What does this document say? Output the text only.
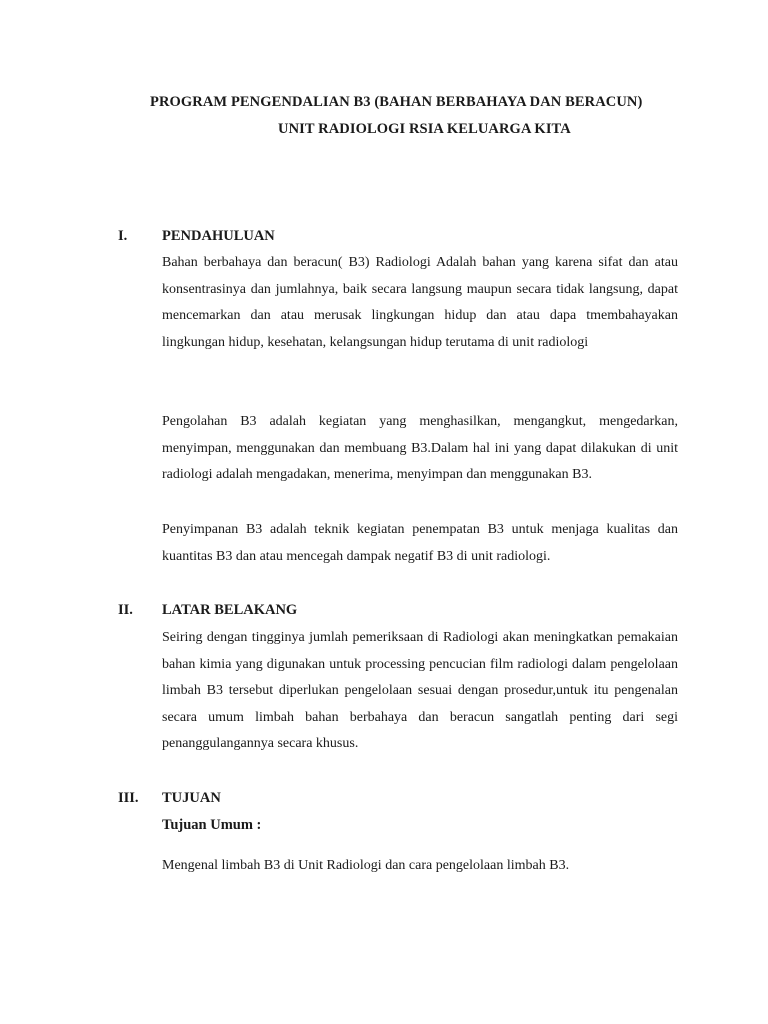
PROGRAM PENGENDALIAN B3 (BAHAN BERBAHAYA DAN BERACUN)
UNIT RADIOLOGI RSIA KELUARGA KITA
I. PENDAHULUAN
Bahan berbahaya dan beracun( B3) Radiologi Adalah bahan yang karena sifat dan atau konsentrasinya dan jumlahnya, baik secara langsung maupun secara tidak langsung, dapat mencemarkan dan atau merusak lingkungan hidup dan atau dapa tmembahayakan lingkungan hidup, kesehatan, kelangsungan hidup terutama di unit radiologi
Pengolahan B3 adalah kegiatan yang menghasilkan, mengangkut, mengedarkan, menyimpan, menggunakan dan membuang B3.Dalam hal ini yang dapat dilakukan di unit radiologi adalah mengadakan, menerima, menyimpan dan menggunakan B3.
Penyimpanan B3 adalah teknik kegiatan penempatan B3 untuk menjaga kualitas dan kuantitas B3 dan atau mencegah dampak negatif B3 di unit radiologi.
II. LATAR BELAKANG
Seiring dengan tingginya jumlah pemeriksaan di Radiologi akan meningkatkan pemakaian bahan kimia yang digunakan untuk processing pencucian film radiologi dalam pengelolaan limbah B3 tersebut diperlukan pengelolaan sesuai dengan prosedur,untuk itu pengenalan secara umum limbah bahan berbahaya dan beracun sangatlah penting dari segi penanggulangannya secara khusus.
III. TUJUAN
Tujuan Umum :
Mengenal limbah B3 di Unit Radiologi dan cara pengelolaan limbah B3.
